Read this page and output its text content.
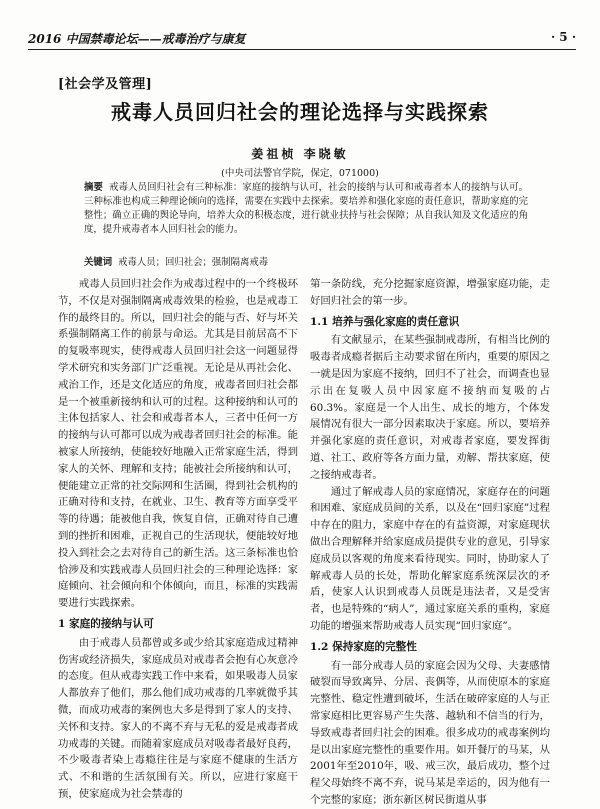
2016 中国禁毒论坛——戒毒治疗与康复	· 5 ·
[社会学及管理]
戒毒人员回归社会的理论选择与实践探索
姜祖桢 李晓敏
(中央司法警官学院，保定，071000)
摘要 戒毒人员回归社会有三种标准：家庭的接纳与认可，社会的接纳与认可和戒毒者本人的接纳与认可。三种标准也构成三种理论倾向的选择，需要在实践中去探索。要培养和强化家庭的责任意识，帮助家庭的完整性；确立正确的舆论导向，培养大众的积极态度，进行就业扶持与社会保障；从自我认知及文化适应的角度，提升戒毒者本人回归社会的能力。
关键词 戒毒人员；回归社会；强制隔离戒毒

戒毒人员回归社会作为戒毒过程中的一个终极环节，不仅是对强制隔离戒毒效果的检验，也是戒毒工作的最终目的。所以，回归社会的能与否、好与坏关系强制隔离工作的前景与命运。尤其是目前居高不下的复吸率现实，使得戒毒人员回归社会这一问题显得学术研究和实务部门广泛重视。无论是从再社会化、戒治工作，还是文化适应的角度，戒毒者回归社会都是一个被重新接纳和认可的过程。这种接纳和认可的主体包括家人、社会和戒毒者本人，三者中任何一方的接纳与认可都可以成为戒毒者回归社会的标准。能被家人所接纳，使能较好地融入正常家庭生活，得到家人的关怀、理解和支持；能被社会所接纳和认可，便能建立正常的社交际网和生活圈，得到社会机构的正确对待和支持，在就业、卫生、教育等方面享受平等的待遇；能被他自我，恢复自信，正确对待自己遭到的挫折和困难，正视自己的生活现状，便能较好地投入到社会之去对待自己的新生活。这三条标准也恰恰涉及和实践戒毒人员回归社会的三种理论选择：家庭倾向、社会倾向和个体倾向，而且，标准的实践需要进行实践探索。

1 家庭的接纳与认可

由于戒毒人员都曾或多或少给其家庭造成过精神伤害或经济损失，家庭成员对戒毒者会抱有心灰意冷的态度。但从戒毒实践工作中来看，如果吸毒人员家人都放弃了他们，那么他们成功戒毒的几率就微乎其微，而成功戒毒的案例也大多是得到了家人的支持、关怀和支持。家人的不离不弃与无私的爱是戒毒者成功戒毒的关键。而随着家庭成员对吸毒者最好良药，不少吸毒者染上毒瘾往往是与家庭不健康的生活方式、不和谐的生活氛围有关。所以，应进行家庭干预，使家庭成为社会禁毒的

第一条防线，充分挖掘家庭资源，增强家庭功能，走好回归社会的第一步。

1.1 培养与强化家庭的责任意识

有文献显示，在某些强制戒毒所，有相当比例的吸毒者成瘾者据后主动要求留在所内，重要的原因之一就是因为家庭不接纳，回归不了社会，而调查也显示出在复吸人员中因家庭不接纳而复吸的占60.3%。家庭是一个人出生、成长的地方，个体发展情况有很大一部分因素取决于家庭。所以，要培养并强化家庭的责任意识，对戒毒者家庭，要发挥街道、社工、政府等各方面力量，劝解、帮扶家庭，使之接纳戒毒者。

通过了解戒毒人员的家庭情况，家庭存在的问题和困难、家庭成员间的关系，以及在“回归家庭”过程中存在的阻力，家庭中存在的有益资源，对家庭现状做出合理解释并给家庭成员提供专业的意见，引导家庭成员以客观的角度来看待现实。同时，协助家人了解戒毒人员的长处，帮助化解家庭系统深层次的矛盾，使家人认识到戒毒人员既是违法者，又是受害者，也是特殊的“病人”，通过家庭关系的重构，家庭功能的增强来帮助戒毒人员实现“回归家庭”。

1.2 保持家庭的完整性

有一部分戒毒人员的家庭会因为父母、夫妻感情破裂而导致离异、分居、丧偶等，从而使原本的家庭完整性、稳定性遭到破坏，生活在破碎家庭的人与正常家庭相比更容易产生失落、越轨和不信当的行为，导致戒毒者回归社会的困难。很多成功的戒毒案例均是以出家庭完整性的重要作用。如开餐厅的马某，从2001年至2010年，吸、戒三次，最后成功，整个过程父母始终不离不弃，说马某是幸运的，因为他有一个完整的家庭；浙东新区树民街道从事
